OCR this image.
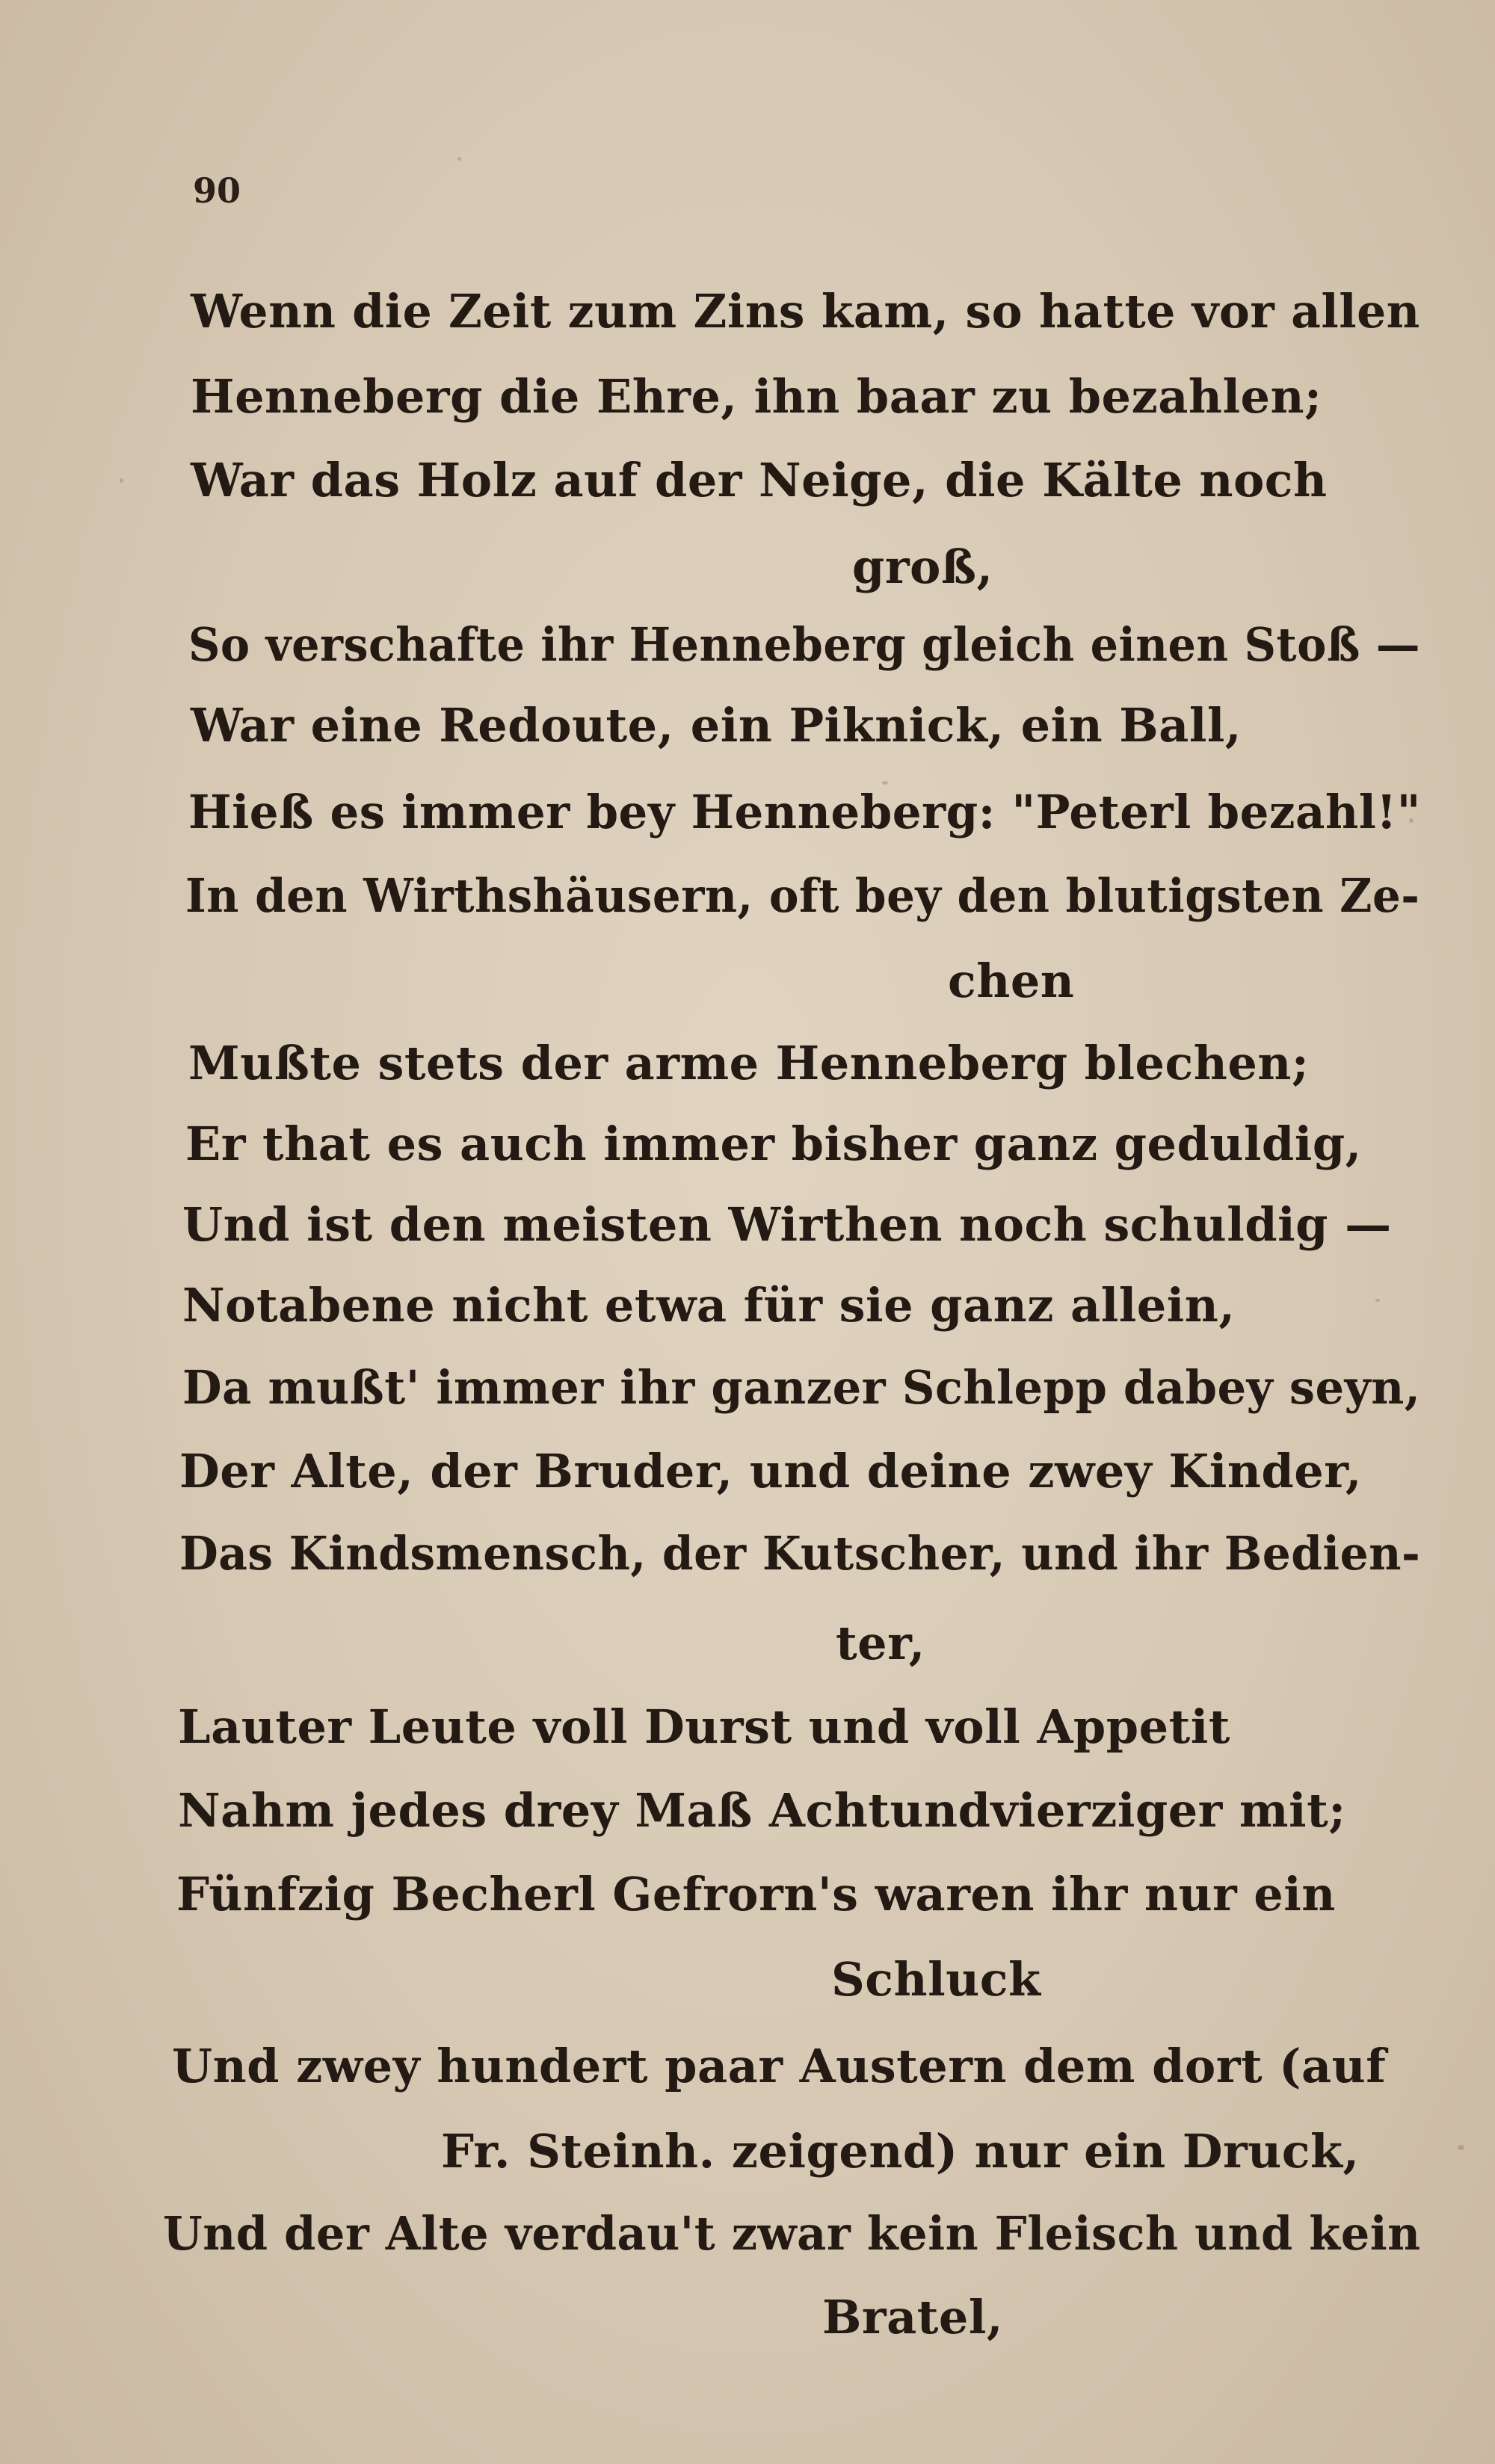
90
Wenn die Zeit zum Zins kam, so hatte vor allen
Henneberg die Ehre, ihn baar zu bezahlen;
War das Holz auf der Neige, die Kälte noch
groß,
So verschafte ihr Henneberg gleich einen Stoß —
War eine Redoute, ein Piknick, ein Ball,
Hieß es immer bey Henneberg: "Peterl bezahl!"
In den Wirthshäusern, oft bey den blutigsten Ze-
chen
Mußte stets der arme Henneberg blechen;
Er that es auch immer bisher ganz geduldig,
Und ist den meisten Wirthen noch schuldig —
Notabene nicht etwa für sie ganz allein,
Da mußt' immer ihr ganzer Schlepp dabey seyn,
Der Alte, der Bruder, und deine zwey Kinder,
Das Kindsmensch, der Kutscher, und ihr Bedien-
ter,
Lauter Leute voll Durst und voll Appetit
Nahm jedes drey Maß Achtundvierziger mit;
Fünfzig Becherl Gefrorn's waren ihr nur ein
Schluck
Und zwey hundert paar Austern dem dort (auf
Fr. Steinh. zeigend) nur ein Druck,
Und der Alte verdau't zwar kein Fleisch und kein
Bratel,
